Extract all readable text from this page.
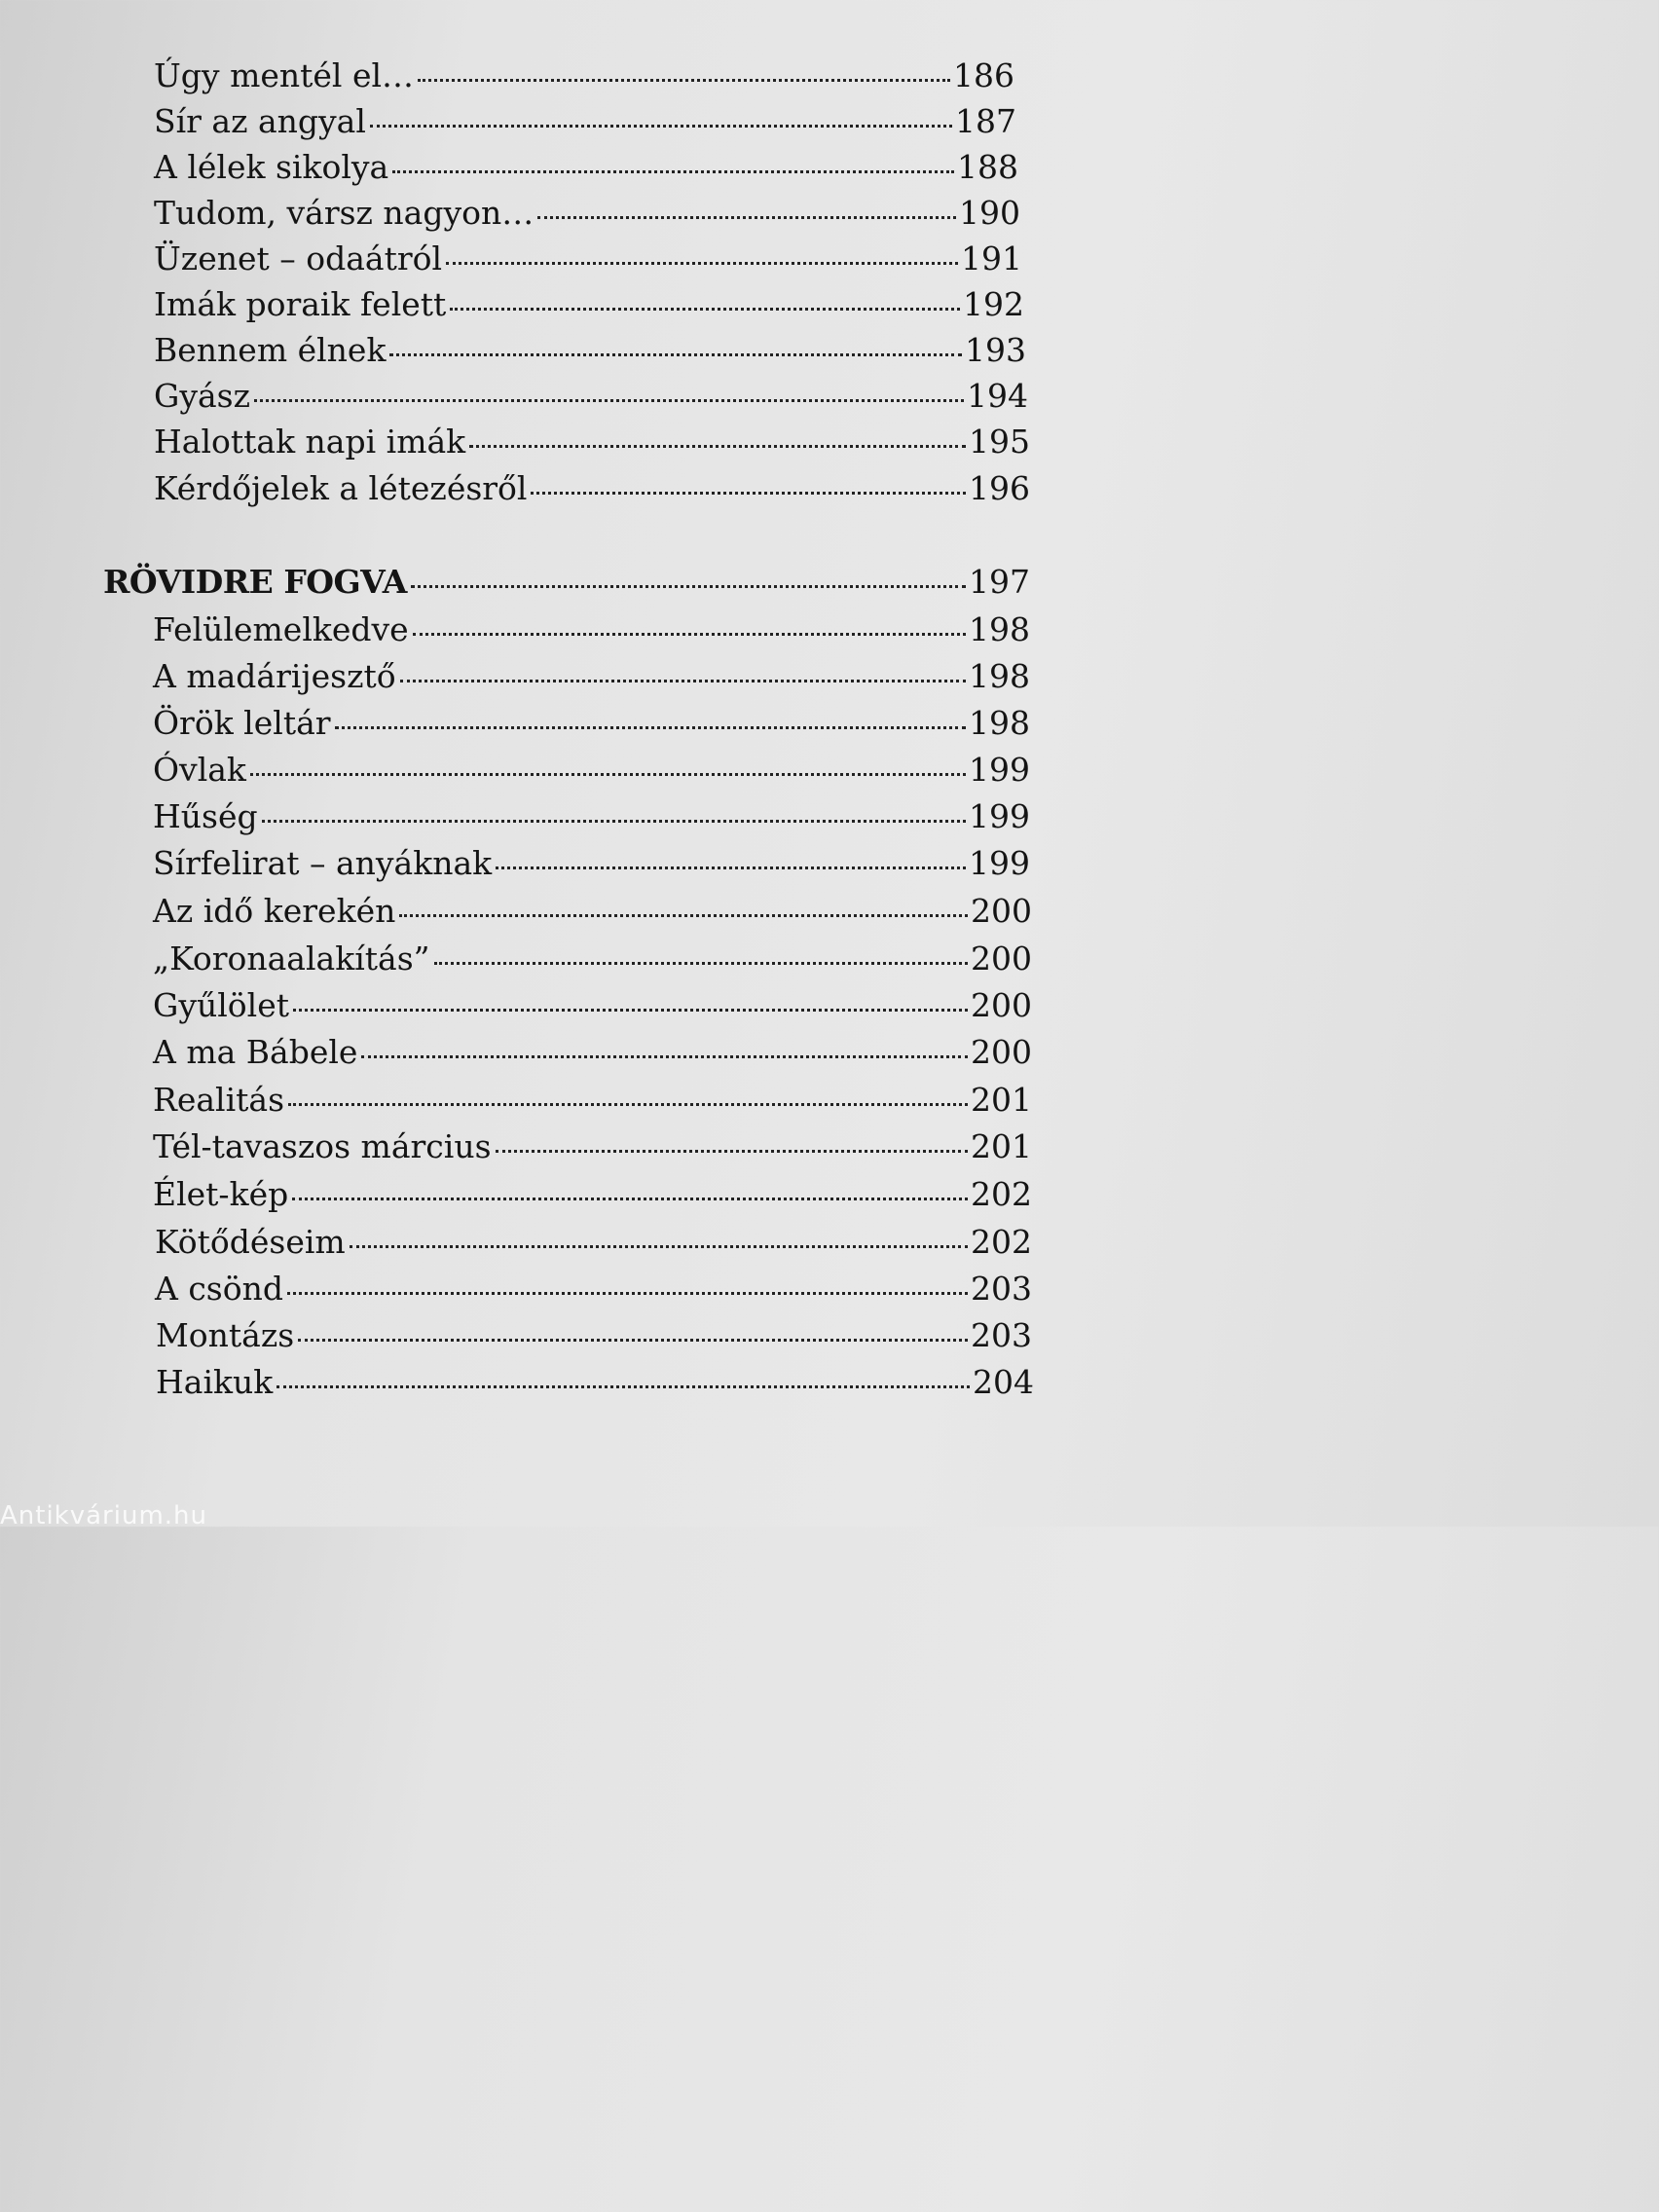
Úgy mentél el…	186
Sír az angyal	187
A lélek sikolya	188
Tudom, vársz nagyon…	190
Üzenet – odaátról	191
Imák poraik felett	192
Bennem élnek	193
Gyász	194
Halottak napi imák	195
Kérdőjelek a létezésről	196
RÖVIDRE FOGVA	197
Felülemelkedve	198
A madárijesztő	198
Örök leltár	198
Óvlak	199
Hűség	199
Sírfelirat – anyáknak	199
Az idő kerekén	200
„Koronaalakítás”	200
Gyűlölet	200
A ma Bábele	200
Realitás	201
Tél-tavaszos március	201
Élet-kép	202
Kötődéseim	202
A csönd	203
Montázs	203
Haikuk	204
Antikvárium.hu
